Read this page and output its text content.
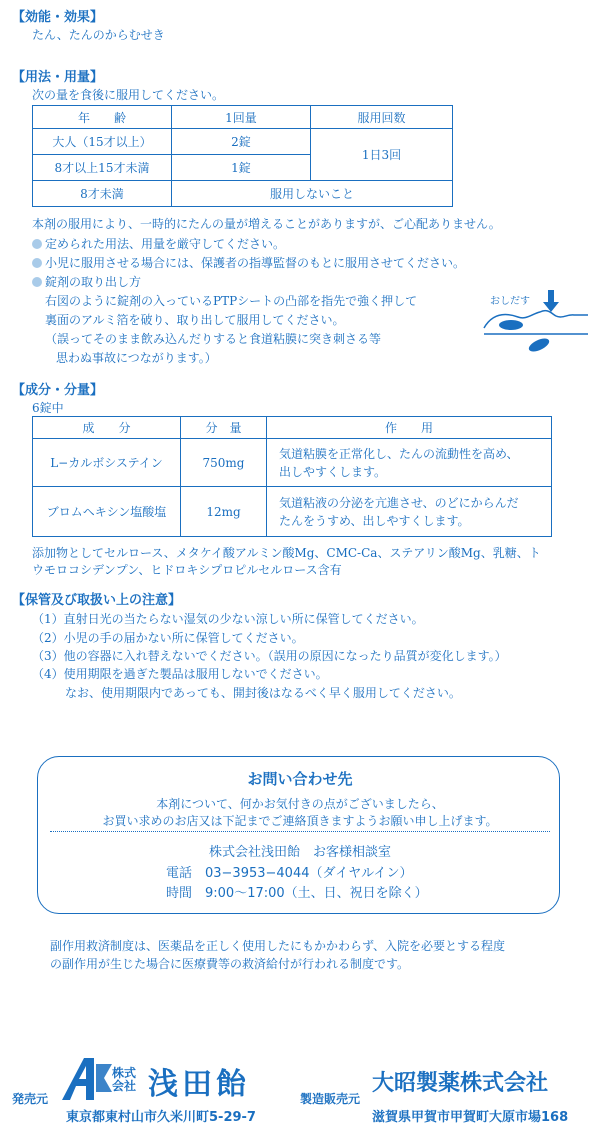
【効能・効果】
たん、たんのからむせき
【用法・用量】
次の量を食後に服用してください。
年　　齢	1回量	服用回数
大人（15才以上）	2錠	1日3回
8才以上15才未満	1錠	
8才未満	服用しないこと	
本剤の服用により、一時的にたんの量が増えることがありますが、ご心配ありません。
定められた用法、用量を厳守してください。
小児に服用させる場合には、保護者の指導監督のもとに服用させてください。
錠剤の取り出し方
右図のように錠剤の入っているPTPシートの凸部を指先で強く押して
裏面のアルミ箔を破り、取り出して服用してください。
（誤ってそのまま飲み込んだりすると食道粘膜に突き刺さる等
思わぬ事故につながります。）
おしだす
【成分・分量】
6錠中
成　　分	分　量	作　　用
L−カルボシステイン	750mg	気道粘膜を正常化し、たんの流動性を高め、
出しやすくします。

ブロムヘキシン塩酸塩	12mg	気道粘液の分泌を亢進させ、のどにからんだ
たんをうすめ、出しやすくします。
添加物としてセルロース、メタケイ酸アルミン酸Mg、CMC-Ca、ステアリン酸Mg、乳糖、ト
ウモロコシデンプン、ヒドロキシプロピルセルロース含有
【保管及び取扱い上の注意】
（1）直射日光の当たらない湿気の少ない涼しい所に保管してください。
（2）小児の手の届かない所に保管してください。
（3）他の容器に入れ替えないでください。（誤用の原因になったり品質が変化します。）
（4）使用期限を過ぎた製品は服用しないでください。
なお、使用期限内であっても、開封後はなるべく早く服用してください。
お問い合わせ先
本剤について、何かお気付きの点がございましたら、
お買い求めのお店又は下記までご連絡頂きますようお願い申し上げます。
株式会社浅田飴　お客様相談室
電話　03−3953−4044（ダイヤルイン）
時間　9:00〜17:00（土、日、祝日を除く）
副作用救済制度は、医薬品を正しく使用したにもかかわらず、入院を必要とする程度
の副作用が生じた場合に医療費等の救済給付が行われる制度です。
発売元
株式会社 浅田飴
東京都東村山市久米川町5-29-7
製造販売元
大昭製薬株式会社
滋賀県甲賀市甲賀町大原市場168
